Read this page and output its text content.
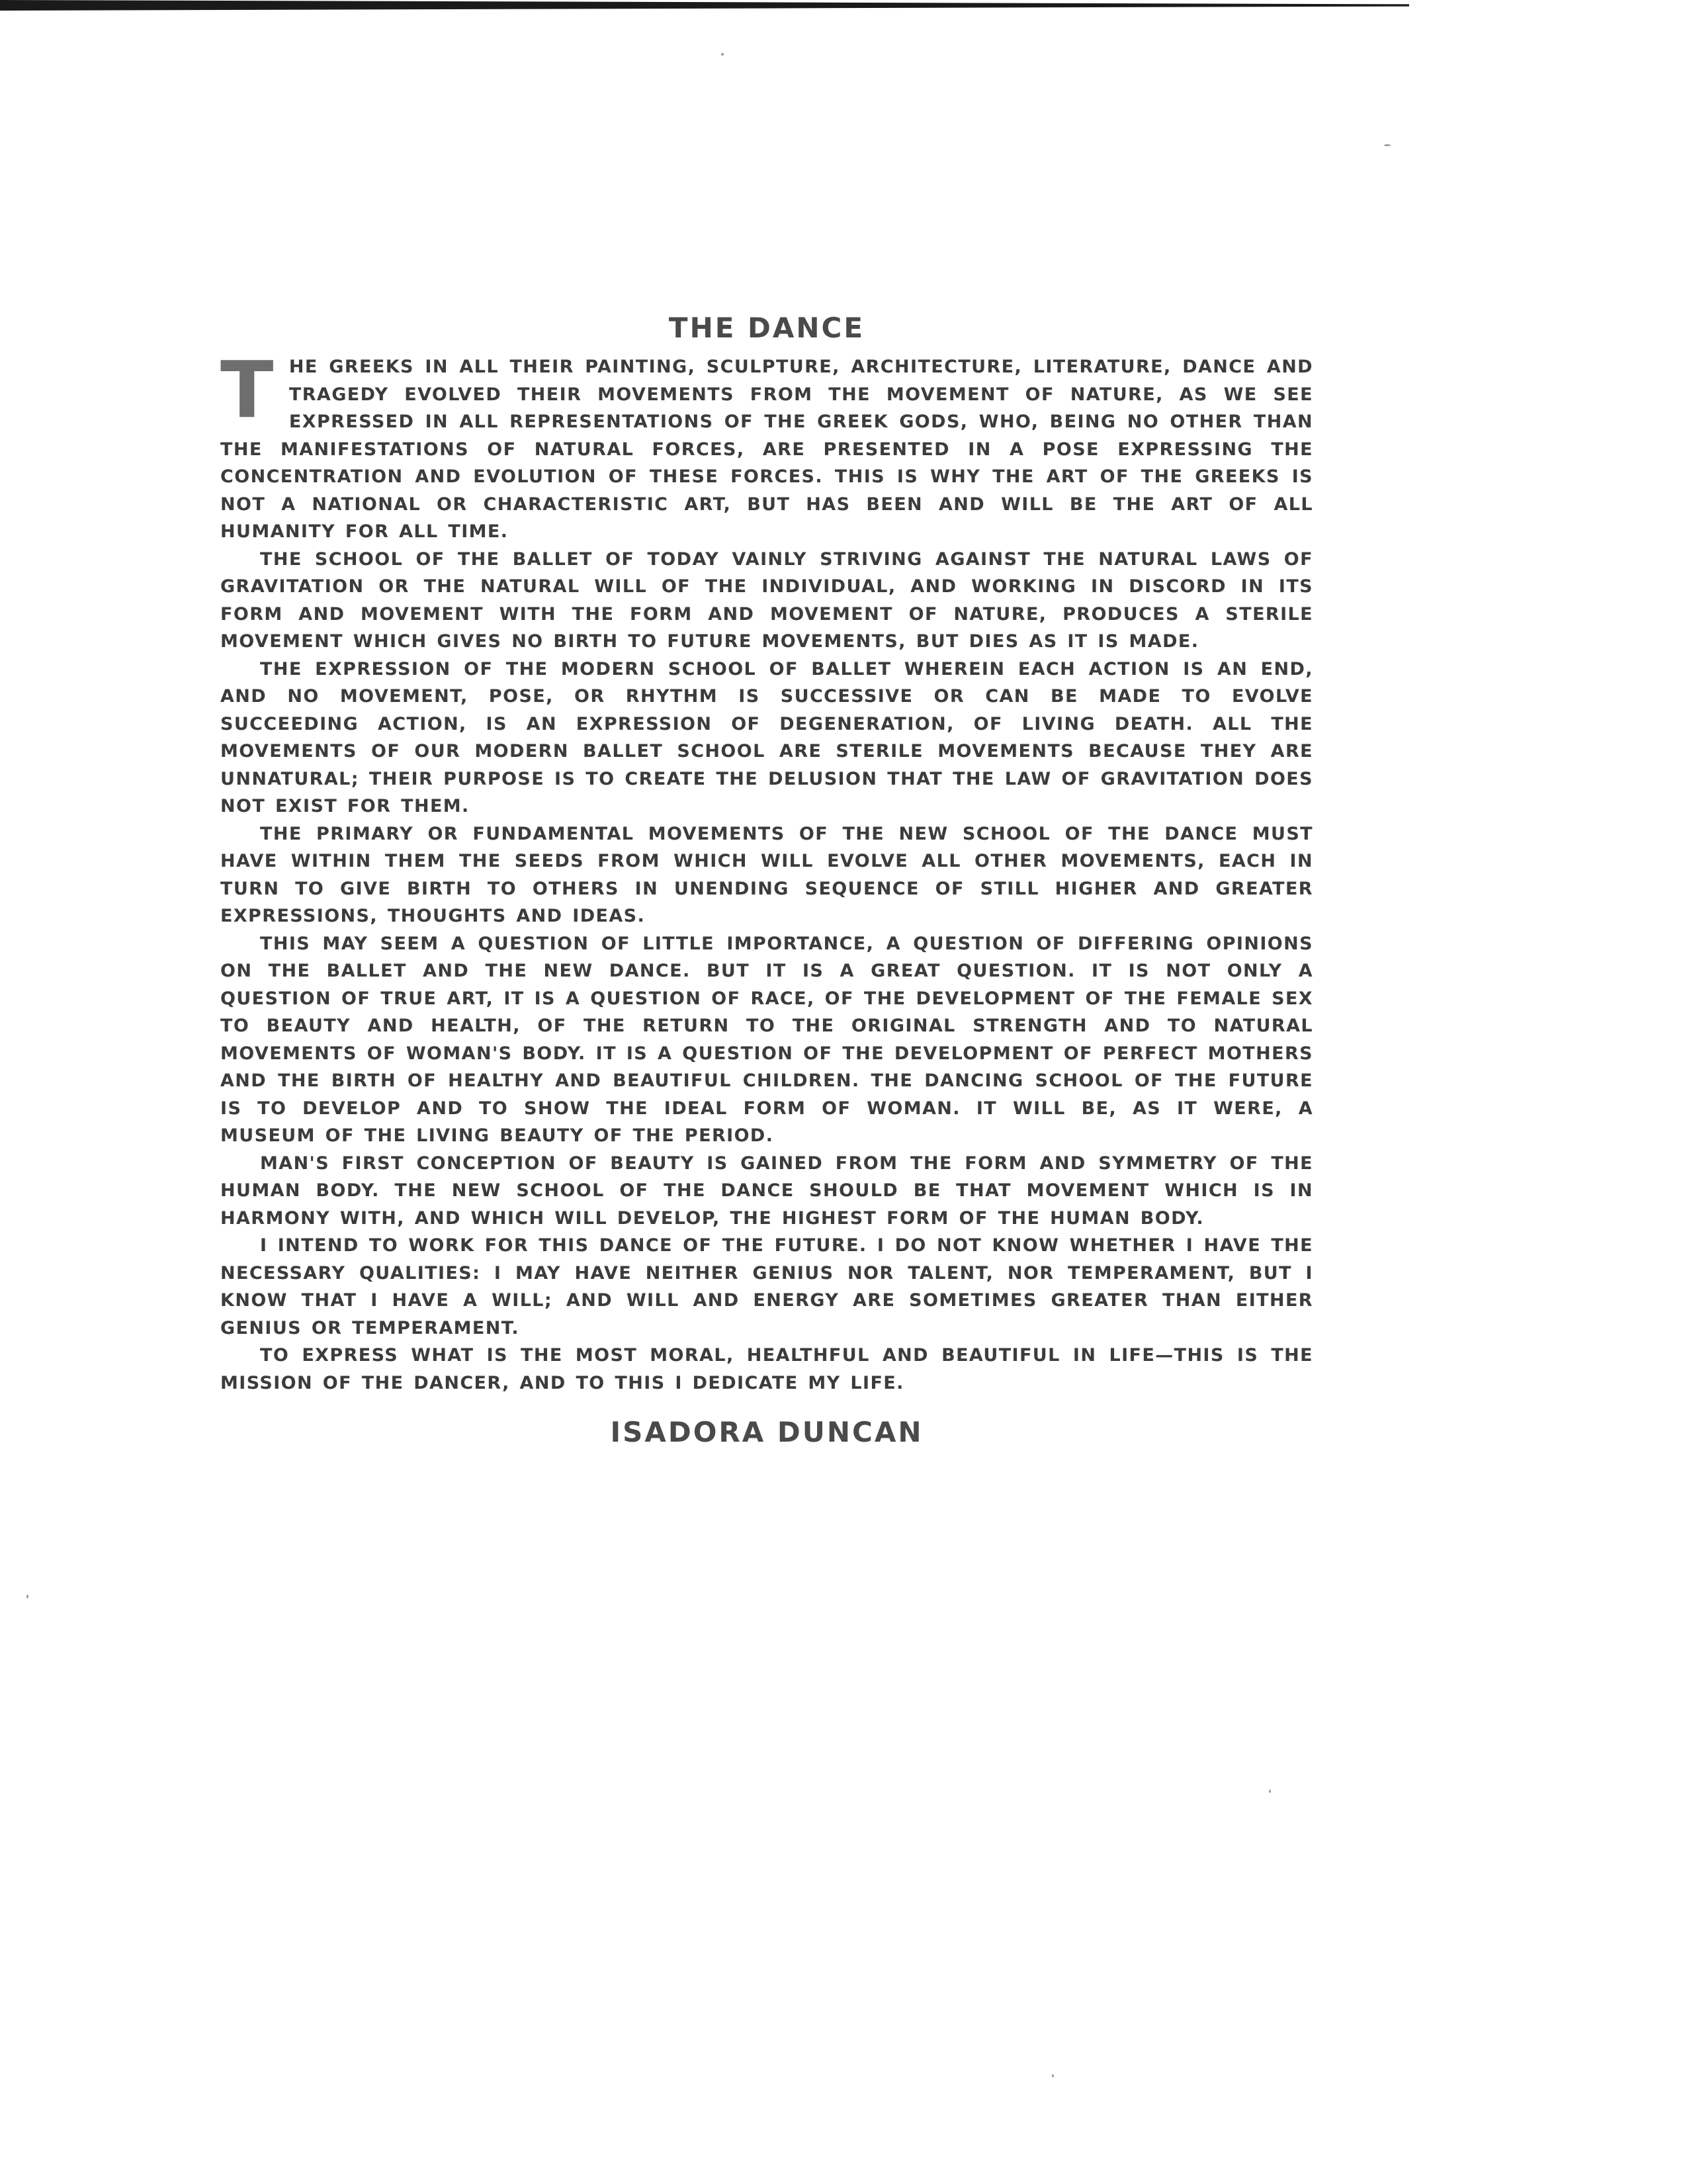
THE DANCE

THE GREEKS IN ALL THEIR PAINTING, SCULPTURE, ARCHITECTURE, LITERATURE, DANCE AND TRAGEDY EVOLVED THEIR MOVEMENTS FROM THE MOVEMENT OF NATURE, AS WE SEE EXPRESSED IN ALL REPRESENTATIONS OF THE GREEK GODS, WHO, BEING NO OTHER THAN THE MANIFESTATIONS OF NATURAL FORCES, ARE PRESENTED IN A POSE EXPRESSING THE CONCENTRATION AND EVOLUTION OF THESE FORCES. THIS IS WHY THE ART OF THE GREEKS IS NOT A NATIONAL OR CHARACTERISTIC ART, BUT HAS BEEN AND WILL BE THE ART OF ALL HUMANITY FOR ALL TIME.

THE SCHOOL OF THE BALLET OF TODAY VAINLY STRIVING AGAINST THE NATURAL LAWS OF GRAVITATION OR THE NATURAL WILL OF THE INDIVIDUAL, AND WORKING IN DISCORD IN ITS FORM AND MOVEMENT WITH THE FORM AND MOVEMENT OF NATURE, PRODUCES A STERILE MOVEMENT WHICH GIVES NO BIRTH TO FUTURE MOVEMENTS, BUT DIES AS IT IS MADE.

THE EXPRESSION OF THE MODERN SCHOOL OF BALLET WHEREIN EACH ACTION IS AN END, AND NO MOVEMENT, POSE, OR RHYTHM IS SUCCESSIVE OR CAN BE MADE TO EVOLVE SUCCEEDING ACTION, IS AN EXPRESSION OF DEGENERATION, OF LIVING DEATH. ALL THE MOVEMENTS OF OUR MODERN BALLET SCHOOL ARE STERILE MOVEMENTS BECAUSE THEY ARE UNNATURAL; THEIR PURPOSE IS TO CREATE THE DELUSION THAT THE LAW OF GRAVITATION DOES NOT EXIST FOR THEM.

THE PRIMARY OR FUNDAMENTAL MOVEMENTS OF THE NEW SCHOOL OF THE DANCE MUST HAVE WITHIN THEM THE SEEDS FROM WHICH WILL EVOLVE ALL OTHER MOVEMENTS, EACH IN TURN TO GIVE BIRTH TO OTHERS IN UNENDING SEQUENCE OF STILL HIGHER AND GREATER EXPRESSIONS, THOUGHTS AND IDEAS.

THIS MAY SEEM A QUESTION OF LITTLE IMPORTANCE, A QUESTION OF DIFFERING OPINIONS ON THE BALLET AND THE NEW DANCE. BUT IT IS A GREAT QUESTION. IT IS NOT ONLY A QUESTION OF TRUE ART, IT IS A QUESTION OF RACE, OF THE DEVELOPMENT OF THE FEMALE SEX TO BEAUTY AND HEALTH, OF THE RETURN TO THE ORIGINAL STRENGTH AND TO NATURAL MOVEMENTS OF WOMAN'S BODY. IT IS A QUESTION OF THE DEVELOPMENT OF PERFECT MOTHERS AND THE BIRTH OF HEALTHY AND BEAUTIFUL CHILDREN. THE DANCING SCHOOL OF THE FUTURE IS TO DEVELOP AND TO SHOW THE IDEAL FORM OF WOMAN. IT WILL BE, AS IT WERE, A MUSEUM OF THE LIVING BEAUTY OF THE PERIOD.

MAN'S FIRST CONCEPTION OF BEAUTY IS GAINED FROM THE FORM AND SYMMETRY OF THE HUMAN BODY. THE NEW SCHOOL OF THE DANCE SHOULD BE THAT MOVEMENT WHICH IS IN HARMONY WITH, AND WHICH WILL DEVELOP, THE HIGHEST FORM OF THE HUMAN BODY.

I INTEND TO WORK FOR THIS DANCE OF THE FUTURE. I DO NOT KNOW WHETHER I HAVE THE NECESSARY QUALITIES: I MAY HAVE NEITHER GENIUS NOR TALENT, NOR TEMPERAMENT, BUT I KNOW THAT I HAVE A WILL; AND WILL AND ENERGY ARE SOMETIMES GREATER THAN EITHER GENIUS OR TEMPERAMENT.

TO EXPRESS WHAT IS THE MOST MORAL, HEALTHFUL AND BEAUTIFUL IN LIFE—THIS IS THE MISSION OF THE DANCER, AND TO THIS I DEDICATE MY LIFE.

ISADORA DUNCAN
